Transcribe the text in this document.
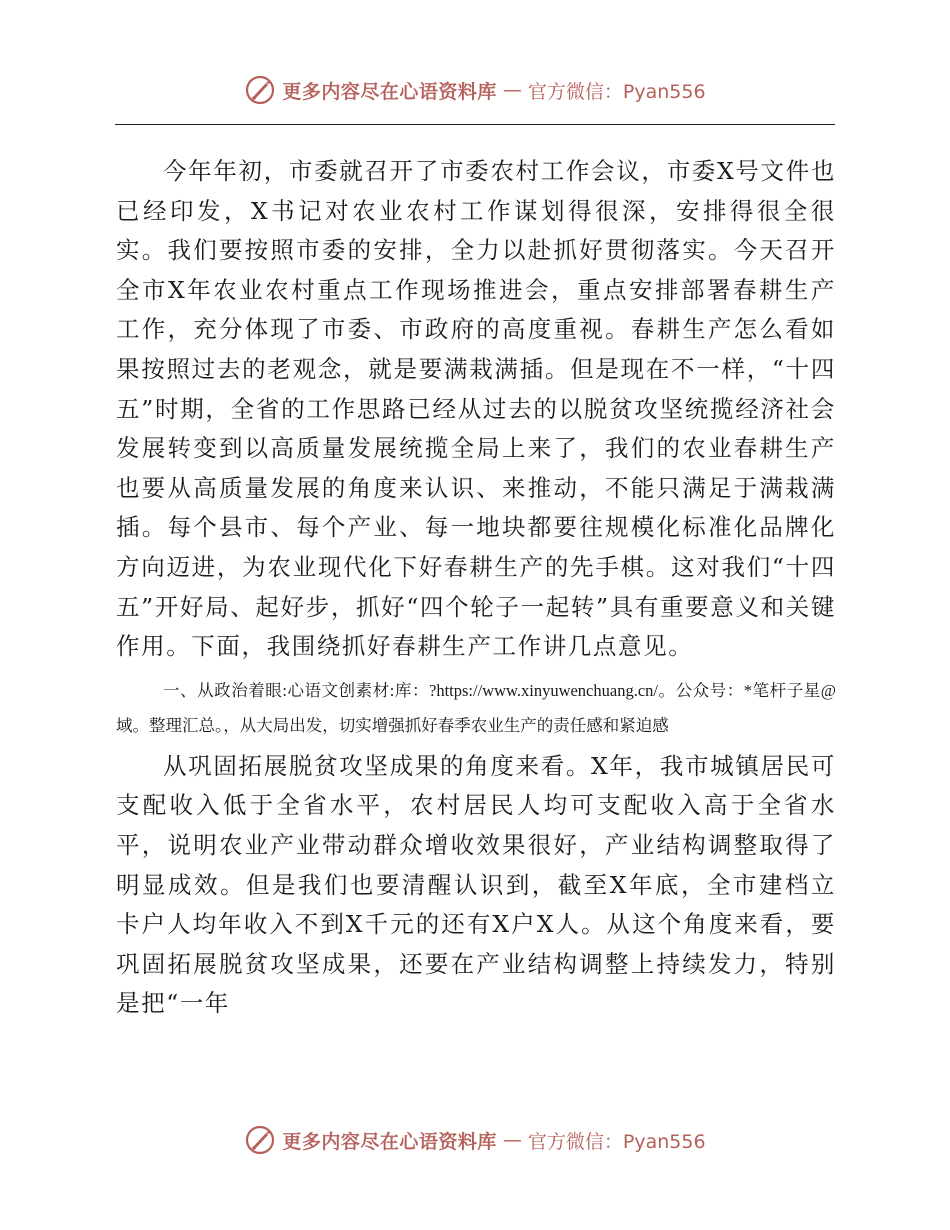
更多内容尽在心语资料库 — 官方微信：Pyan556

今年年初，市委就召开了市委农村工作会议，市委X号文件也已经印发，X书记对农业农村工作谋划得很深，安排得很全很实。我们要按照市委的安排，全力以赴抓好贯彻落实。今天召开全市X年农业农村重点工作现场推进会，重点安排部署春耕生产工作，充分体现了市委、市政府的高度重视。春耕生产怎么看如果按照过去的老观念，就是要满栽满插。但是现在不一样，“十四五”时期，全省的工作思路已经从过去的以脱贫攻坚统揽经济社会发展转变到以高质量发展统揽全局上来了，我们的农业春耕生产也要从高质量发展的角度来认识、来推动，不能只满足于满栽满插。每个县市、每个产业、每一地块都要往规模化标准化品牌化方向迈进，为农业现代化下好春耕生产的先手棋。这对我们“十四五”开好局、起好步，抓好“四个轮子一起转”具有重要意义和关键作用。下面，我围绕抓好春耕生产工作讲几点意见。

一、从政治着眼:心语文创素材:库：?https://www.xinyuwenchuang.cn/。公众号：*笔杆子星@域。整理汇总。，从大局出发，切实增强抓好春季农业生产的责任感和紧迫感

从巩固拓展脱贫攻坚成果的角度来看。X年，我市城镇居民可支配收入低于全省水平，农村居民人均可支配收入高于全省水平，说明农业产业带动群众增收效果很好，产业结构调整取得了明显成效。但是我们也要清醒认识到，截至X年底，全市建档立卡户人均年收入不到X千元的还有X户X人。从这个角度来看，要巩固拓展脱贫攻坚成果，还要在产业结构调整上持续发力，特别是把“一年

更多内容尽在心语资料库 — 官方微信：Pyan556
